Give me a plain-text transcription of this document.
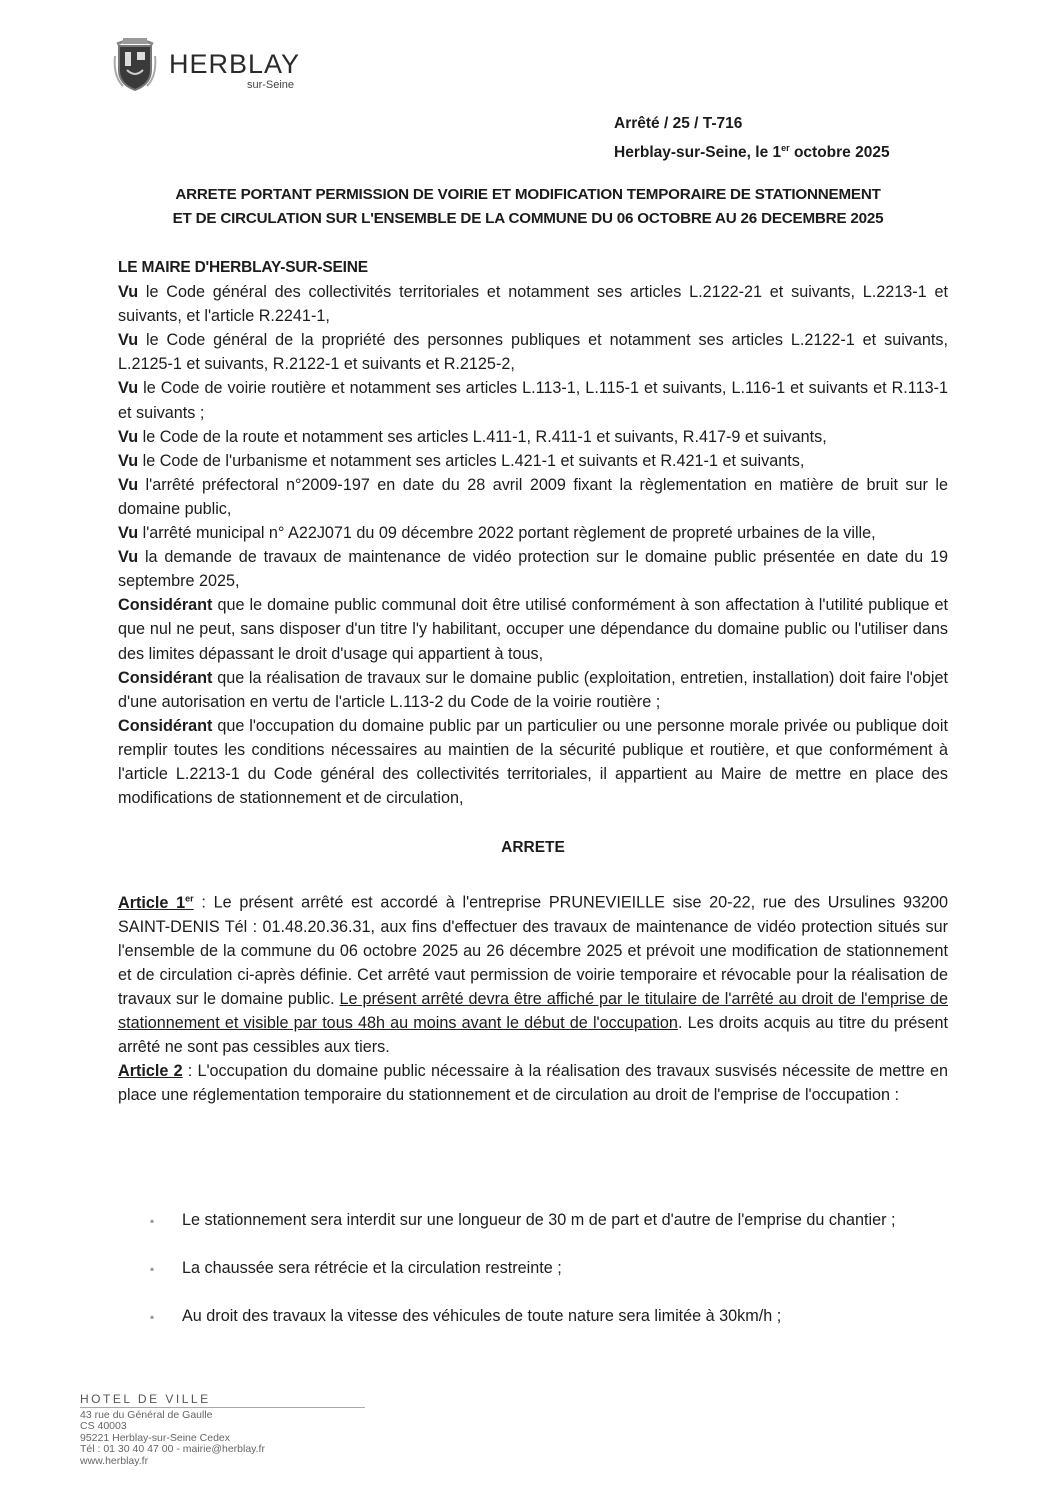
HERBLAY
sur-Seine
Arrêté / 25 / T-716
Herblay-sur-Seine, le 1er octobre 2025
ARRETE PORTANT PERMISSION DE VOIRIE ET MODIFICATION TEMPORAIRE DE STATIONNEMENT
ET DE CIRCULATION SUR L'ENSEMBLE DE LA COMMUNE DU 06 OCTOBRE AU 26 DECEMBRE 2025

LE MAIRE D'HERBLAY-SUR-SEINE

Vu le Code général des collectivités territoriales et notamment ses articles L.2122-21 et suivants, L.2213-1 et suivants, et l'article R.2241-1,

Vu le Code général de la propriété des personnes publiques et notamment ses articles L.2122-1 et suivants, L.2125-1 et suivants, R.2122-1 et suivants et R.2125-2,

Vu le Code de voirie routière et notamment ses articles L.113-1, L.115-1 et suivants, L.116-1 et suivants et R.113-1 et suivants ;

Vu le Code de la route et notamment ses articles L.411-1, R.411-1 et suivants, R.417-9 et suivants,

Vu le Code de l'urbanisme et notamment ses articles L.421-1 et suivants et R.421-1 et suivants,

Vu l'arrêté préfectoral n°2009-197 en date du 28 avril 2009 fixant la règlementation en matière de bruit sur le domaine public,

Vu l'arrêté municipal n° A22J071 du 09 décembre 2022 portant règlement de propreté urbaines de la ville,

Vu la demande de travaux de maintenance de vidéo protection sur le domaine public présentée en date du 19 septembre 2025,

Considérant que le domaine public communal doit être utilisé conformément à son affectation à l'utilité publique et que nul ne peut, sans disposer d'un titre l'y habilitant, occuper une dépendance du domaine public ou l'utiliser dans des limites dépassant le droit d'usage qui appartient à tous,

Considérant que la réalisation de travaux sur le domaine public (exploitation, entretien, installation) doit faire l'objet d'une autorisation en vertu de l'article L.113-2 du Code de la voirie routière ;

Considérant que l'occupation du domaine public par un particulier ou une personne morale privée ou publique doit remplir toutes les conditions nécessaires au maintien de la sécurité publique et routière, et que conformément à l'article L.2213-1 du Code général des collectivités territoriales, il appartient au Maire de mettre en place des modifications de stationnement et de circulation,

ARRETE

Article 1er : Le présent arrêté est accordé à l'entreprise PRUNEVIEILLE sise 20-22, rue des Ursulines 93200 SAINT-DENIS Tél : 01.48.20.36.31, aux fins d'effectuer des travaux de maintenance de vidéo protection situés sur l'ensemble de la commune du 06 octobre 2025 au 26 décembre 2025 et prévoit une modification de stationnement et de circulation ci-après définie. Cet arrêté vaut permission de voirie temporaire et révocable pour la réalisation de travaux sur le domaine public. Le présent arrêté devra être affiché par le titulaire de l'arrêté au droit de l'emprise de stationnement et visible par tous 48h au moins avant le début de l'occupation. Les droits acquis au titre du présent arrêté ne sont pas cessibles aux tiers.

Article 2 : L'occupation du domaine public nécessaire à la réalisation des travaux susvisés nécessite de mettre en place une réglementation temporaire du stationnement et de circulation au droit de l'emprise de l'occupation :

▪	Le stationnement sera interdit sur une longueur de 30 m de part et d'autre de l'emprise du chantier ;
▪	La chaussée sera rétrécie et la circulation restreinte ;
▪	Au droit des travaux la vitesse des véhicules de toute nature sera limitée à 30km/h ;
HOTEL DE VILLE
43 rue du Général de Gaulle
CS 40003
95221 Herblay-sur-Seine Cedex
Tél : 01 30 40 47 00 - mairie@herblay.fr
www.herblay.fr
